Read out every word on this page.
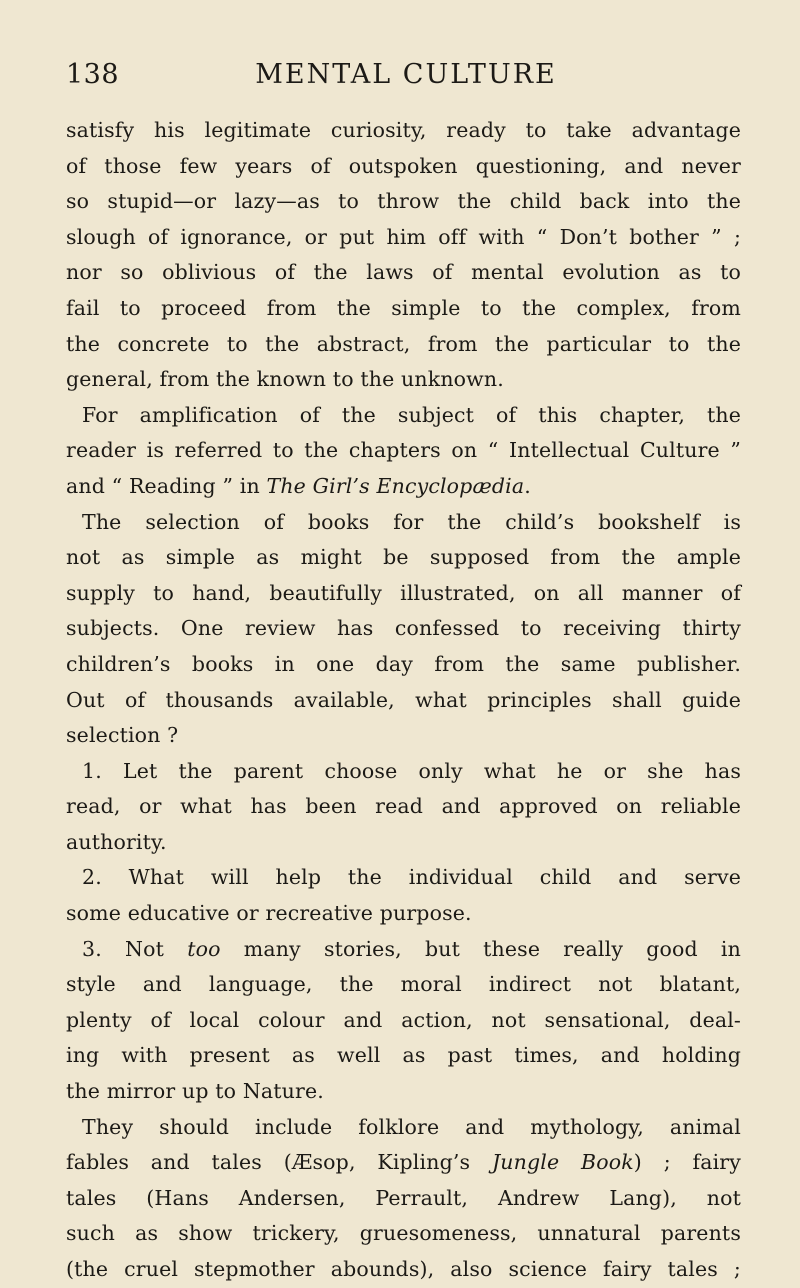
138	MENTAL CULTURE
satisfy his legitimate curiosity, ready to take advantage
of those few years of outspoken questioning, and never
so stupid—or lazy—as to throw the child back into the
slough of ignorance, or put him off with “ Don’t bother ” ;
nor so oblivious of the laws of mental evolution as to
fail to proceed from the simple to the complex, from
the concrete to the abstract, from the particular to the
general, from the known to the unknown.
For amplification of the subject of this chapter, the
reader is referred to the chapters on “ Intellectual Culture ”
and “ Reading ” in The Girl’s Encyclopædia.
The selection of books for the child’s bookshelf is
not as simple as might be supposed from the ample
supply to hand, beautifully illustrated, on all manner of
subjects. One review has confessed to receiving thirty
children’s books in one day from the same publisher.
Out of thousands available, what principles shall guide
selection ?
1. Let the parent choose only what he or she has
read, or what has been read and approved on reliable
authority.
2. What will help the individual child and serve
some educative or recreative purpose.
3. Not too many stories, but these really good in
style and language, the moral indirect not blatant,
plenty of local colour and action, not sensational, deal-
ing with present as well as past times, and holding
the mirror up to Nature.
They should include folklore and mythology, animal
fables and tales (Æsop, Kipling’s Jungle Book) ; fairy
tales (Hans Andersen, Perrault, Andrew Lang), not
such as show trickery, gruesomeness, unnatural parents
(the cruel stepmother abounds), also science fairy tales ;
